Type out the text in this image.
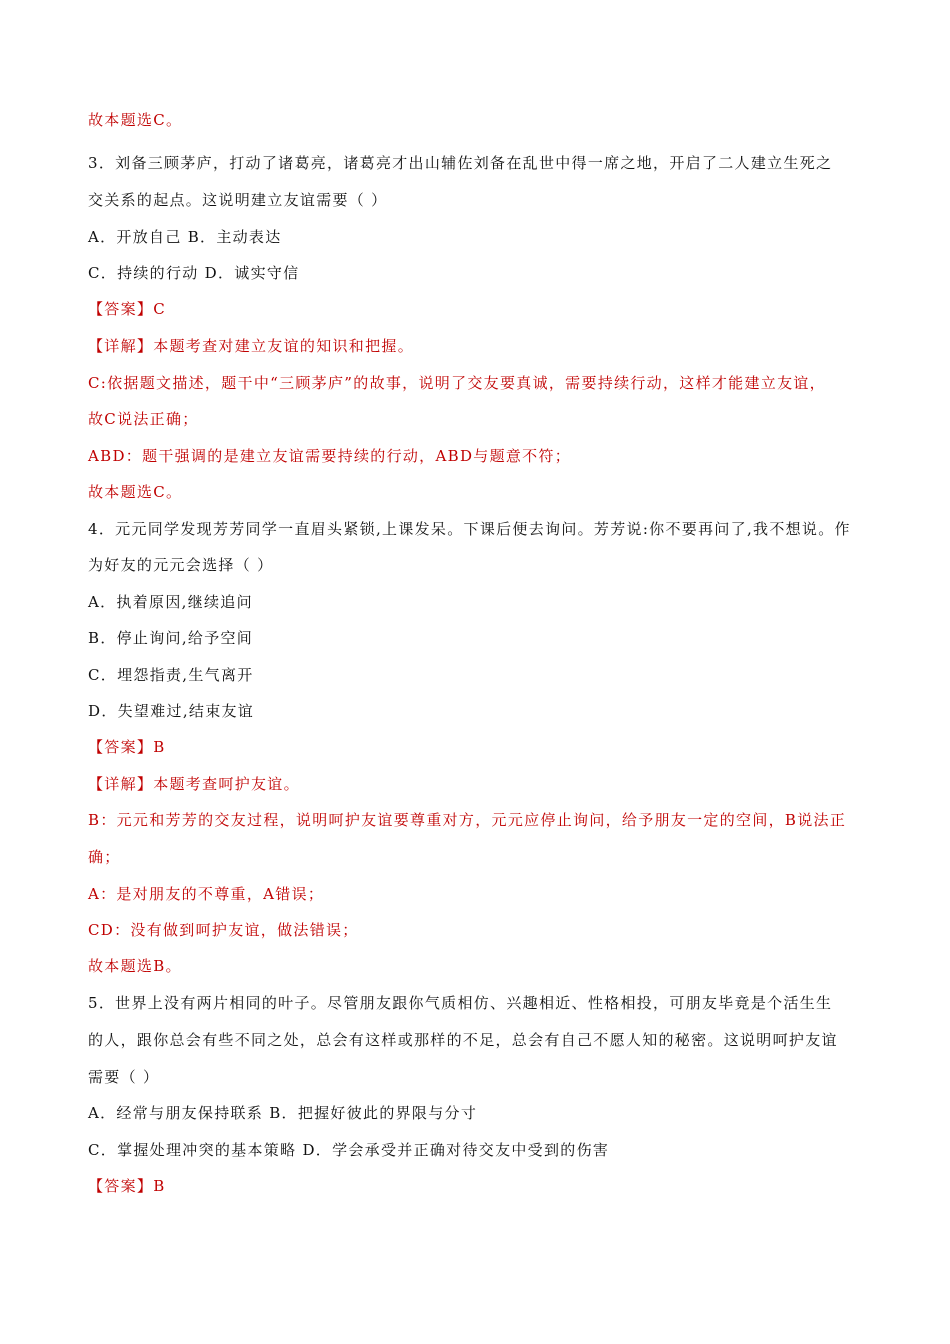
故本题选C。
3．刘备三顾茅庐，打动了诸葛亮，诸葛亮才出山辅佐刘备在乱世中得一席之地，开启了二人建立生死之
交关系的起点。这说明建立友谊需要（ ）
A．开放自己 B．主动表达
C．持续的行动 D．诚实守信
【答案】C
【详解】本题考查对建立友谊的知识和把握。
C:依据题文描述，题干中“三顾茅庐”的故事，说明了交友要真诚，需要持续行动，这样才能建立友谊，
故C说法正确；
ABD：题干强调的是建立友谊需要持续的行动，ABD与题意不符；
故本题选C。
4．元元同学发现芳芳同学一直眉头紧锁,上课发呆。下课后便去询问。芳芳说:你不要再问了,我不想说。作
为好友的元元会选择（ ）
A．执着原因,继续追问
B．停止询问,给予空间
C．埋怨指责,生气离开
D．失望难过,结束友谊
【答案】B
【详解】本题考查呵护友谊。
B：元元和芳芳的交友过程，说明呵护友谊要尊重对方，元元应停止询问，给予朋友一定的空间，B说法正
确；
A：是对朋友的不尊重，A错误；
CD：没有做到呵护友谊，做法错误；
故本题选B。
5．世界上没有两片相同的叶子。尽管朋友跟你气质相仿、兴趣相近、性格相投，可朋友毕竟是个活生生
的人，跟你总会有些不同之处，总会有这样或那样的不足，总会有自己不愿人知的秘密。这说明呵护友谊
需要（ ）
A．经常与朋友保持联系 B．把握好彼此的界限与分寸
C．掌握处理冲突的基本策略 D．学会承受并正确对待交友中受到的伤害
【答案】B
